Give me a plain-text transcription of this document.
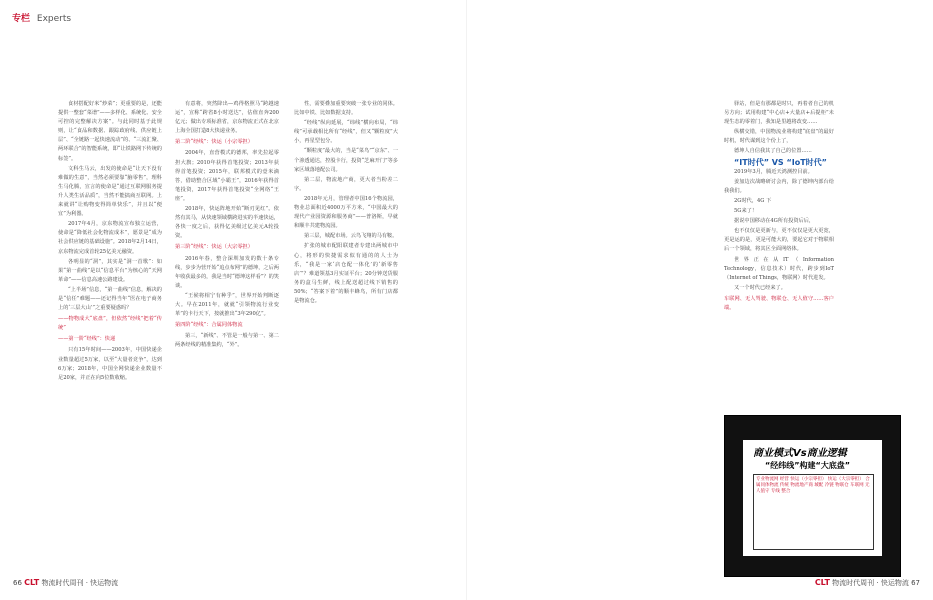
专栏 Experts

食材搭配好米“炒菜”；更重要的是，还能提供一整套“菜谱”——多样化、系统化、安全可控的完整解决方案”。与此同时基于此规则，让“食品和数据、跟踪政府线、供应链上层”、“全链路一起快速流动”的、“三流汇聚、两环联合”的智能系统，即“让铁路网下传统的标签”。

文科生马云，出发的使命是“让天下没有难做的生意”，当然必须要靠“脑零售”，理科生马化腾，宣言的使命是“通过互联网服务提升人类生活品质”，当然不能搞商互联网。上来就讲“让购物变得简单快乐”，并且以“便宜”为利器。

2017年4月，京东物流宣布独立运营，使命是“降低社会化物流成本”，愿景是“成为社会供应链的基础设施”。2018年2月14日，京东物流完成首轮25亿美元融资。

各明显的“洞”，其实是“洞一首歌”：如果“第一曲线”是以“信息平台”为核心的“天网革命”——信息高速公路建设。

“上半场”信息，“第一曲线”信息，解决的是“信任”难题——还记得当年“医在电子商务上的‘三层大山’”之重要疑惑吗？

——物物成大“底盘”，但依然“经线”把着“传统”

——第一阶“经线”：快递

只有15年时间——2003年，中国快递企业数量超过5万家，以至“大量者竞争”，达到6万家；2018年，中国全网快递企业数量不足20家，并正在向5位数收缩。

有意将，突然降出—鸡得格照马“跨越速运”，宣称“跨省8小时送达”，估值直奔200亿元；做出专项标准省，京东物流正式在北京上海全国打造8大快递业务。

第二阶“经线”：快运（小宗零担）

2004年，直营模式的德邦，率先拉起零担大旗；2010年获得首笔投资；2013年获得首笔投资；2015年，联邦模式的壹米滴答，借助整合区域“小霸王”，2016年获得首笔投资，2017年获得首笔投资“全网络“王座”。

2018年，快运阵地开始“断刃见红”。依然有其马，从快速领域横跨进实的半速快运，各快一度之后，获得亿美级过亿美元A轮投资。

第三阶“经线”：快运（大宗零担）

2016年春，整合深圳加发的数十条专线，步步为营开始“追点布网”的德坤，之后两年收获最多的，我是当时“德坤这样看”？的笑谈。

“王候将相宁有种乎”，世界开始判断逐大。早在2011年，就就“引领物流行业变革”的卡行天下，按就推出“3年290亿”。

第四阶“经线”：合属同体物流

第三，“新线”、不管是一般与第一、第二两条经线的精准集约，“外”。

性，需要叠加重要突破一张专业的同体。比如中铁、比如数据支持。

“经线”纵向延展，“纬线”横向布局，“纬线”可承载相比所有“经线”，但又“颗粒度”大小，再星型包分。

“颗粒度”最大的，当是“菜鸟”“京东”、一个渗透通达，控股卡行，投资“芝麻开门”等多家区域落地配公司。

第二层，物流地产商，更大者当粉差二字。

2018年元月，管理者中国16个物流园，物业总面积近4000万平方米，“中国最大的现代产业园资源和服务商”——普洛斯，早就和顺丰共建物流园。

第三层，城配市场。云鸟飞翔的马有鞍。

扩张的城市配阳联建者专建出两城市中心，将形的快捷需求似有通的的人士为乐，“我是一家‘店仓配一体化’的‘新零售店’”？难道领基3月实证平台；20分钟送货服务的盒马生鲜，线上配送超过线下销售的50%；“答案下着”的顺丰蜂鸟，所有门店都是物流仓。

驿站，但是有那都是时只，再着者自己的机另方向；试用构建“中心店+大量店+后提柜”未现生态的零着门，我知是里越将改变……

纵横交错，中国物流业将构建“底盘”的最好时机，时代谋到这个份上了，

德坤人自信我其了自己的位置……

“IT时代” VS “IoT时代”

2019年3月，腾近天鸿测控目前。

姜加边次战略研讨会内，除了德坤内部台给我我们。

2G时代，4G 下

5G来了！

据说中国移动在4G所有投资后后，

也不仅仅是更新与，更不仅仅是更大更宽，更是运的是，更是可能大的，要起它对于物联相后一个领域，将其区全面网络体。

世界正在从IT（Information Technology，信息技术）时代，跨步到IoT（Internet of Things，物联网）时代进发。

又一个时代已经来了。

车联网、无人驾驶、物联仓、无人值守……客户端。

商业模式Vs商业逻辑
“经纬线”构建“大底盘”
专业物流网 经营 快运（小宗零担） 快运（大宗零担） 合属同体物流 传统 物流地产商 城配 冷链 物联仓 车联网 无人值守 专线 整合
66 CLT 物流时代周刊 · 快运物流	CLT 物流时代周刊 · 快运物流 67
